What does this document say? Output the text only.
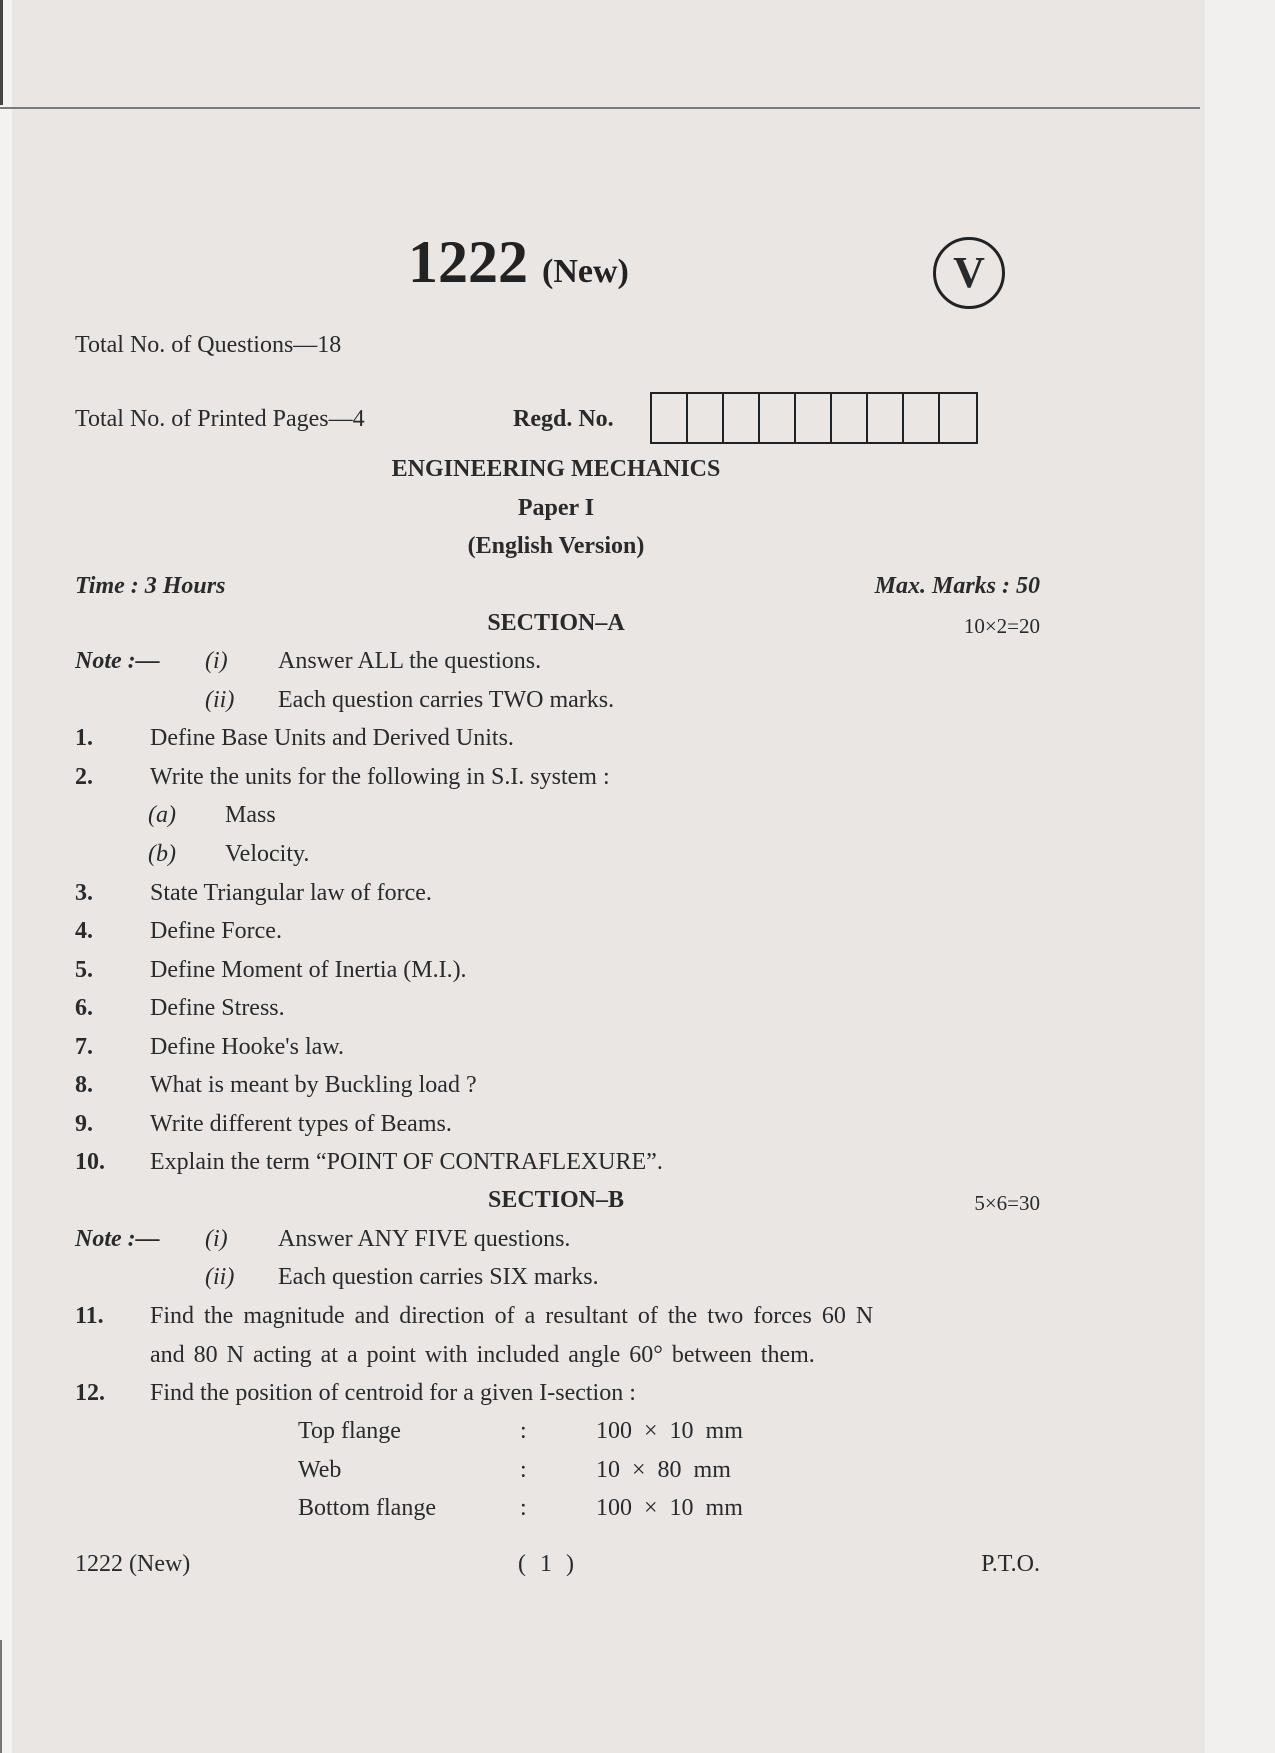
1222 (New)	V
Total No. of Questions—18
Total No. of Printed Pages—4	Regd. No.
ENGINEERING MECHANICS
Paper I
(English Version)
Time : 3 Hours	Max. Marks : 50
SECTION–A	10×2=20
Note :— (i) Answer ALL the questions.
(ii) Each question carries TWO marks.
1. Define Base Units and Derived Units.
2. Write the units for the following in S.I. system :
(a) Mass
(b) Velocity.
3. State Triangular law of force.
4. Define Force.
5. Define Moment of Inertia (M.I.).
6. Define Stress.
7. Define Hooke's law.
8. What is meant by Buckling load ?
9. Write different types of Beams.
10. Explain the term “POINT OF CONTRAFLEXURE”.
SECTION–B	5×6=30
Note :— (i) Answer ANY FIVE questions.
(ii) Each question carries SIX marks.
11. Find the magnitude and direction of a resultant of the two forces 60 N
and 80 N acting at a point with included angle 60° between them.
12. Find the position of centroid for a given I-section :
Top flange	:	100 × 10 mm
Web	:	10 × 80 mm
Bottom flange	:	100 × 10 mm
1222 (New)	( 1 )	P.T.O.
